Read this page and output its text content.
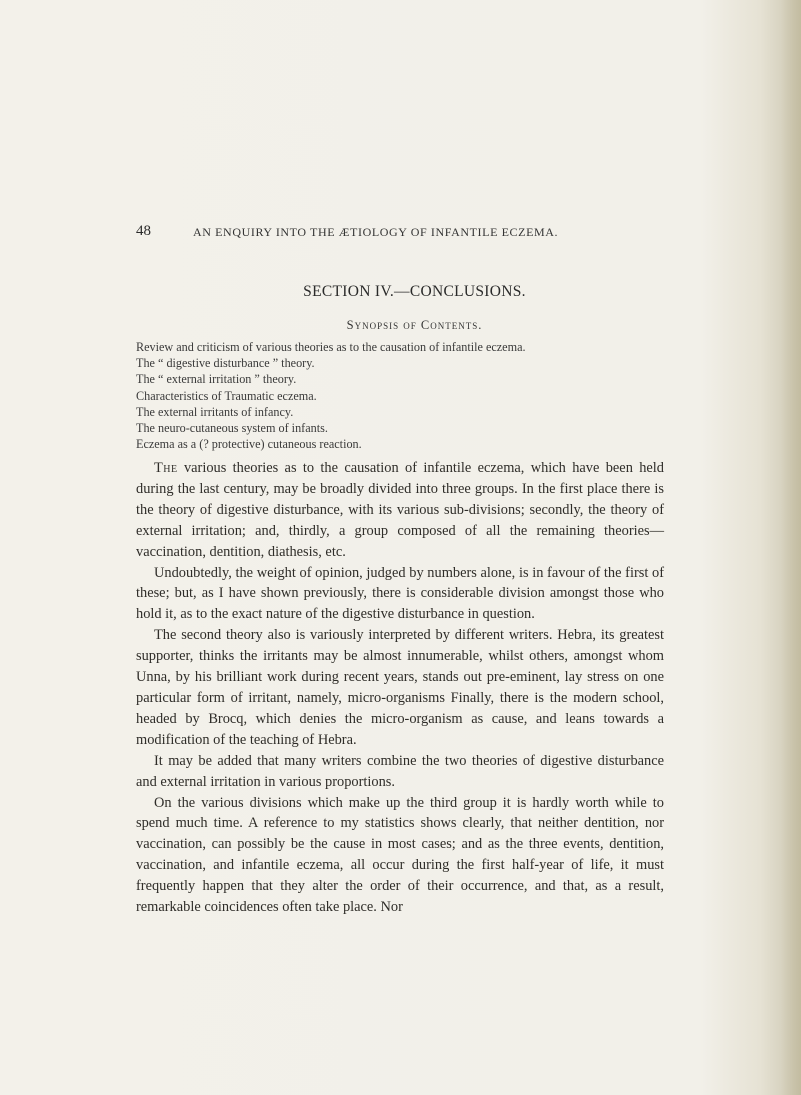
48	AN ENQUIRY INTO THE ÆTIOLOGY OF INFANTILE ECZEMA.
SECTION IV.—CONCLUSIONS.
Synopsis of Contents.
Review and criticism of various theories as to the causation of infantile eczema.
The “ digestive disturbance ” theory.
The “ external irritation ” theory.
Characteristics of Traumatic eczema.
The external irritants of infancy.
The neuro-cutaneous system of infants.
Eczema as a (? protective) cutaneous reaction.

The various theories as to the causation of infantile eczema, which have been held during the last century, may be broadly divided into three groups. In the first place there is the theory of digestive disturbance, with its various sub-divisions; secondly, the theory of external irritation; and, thirdly, a group composed of all the remaining theories—vaccination, dentition, diathesis, etc.

Undoubtedly, the weight of opinion, judged by numbers alone, is in favour of the first of these; but, as I have shown previously, there is considerable division amongst those who hold it, as to the exact nature of the digestive disturbance in question.

The second theory also is variously interpreted by different writers. Hebra, its greatest supporter, thinks the irritants may be almost innumerable, whilst others, amongst whom Unna, by his brilliant work during recent years, stands out pre-eminent, lay stress on one particular form of irritant, namely, micro-organisms Finally, there is the modern school, headed by Brocq, which denies the micro-organism as cause, and leans towards a modification of the teaching of Hebra.

It may be added that many writers combine the two theories of digestive disturbance and external irritation in various proportions.

On the various divisions which make up the third group it is hardly worth while to spend much time. A reference to my statistics shows clearly, that neither dentition, nor vaccination, can possibly be the cause in most cases; and as the three events, dentition, vaccination, and infantile eczema, all occur during the first half-year of life, it must frequently happen that they alter the order of their occurrence, and that, as a result, remarkable coincidences often take place. Nor
